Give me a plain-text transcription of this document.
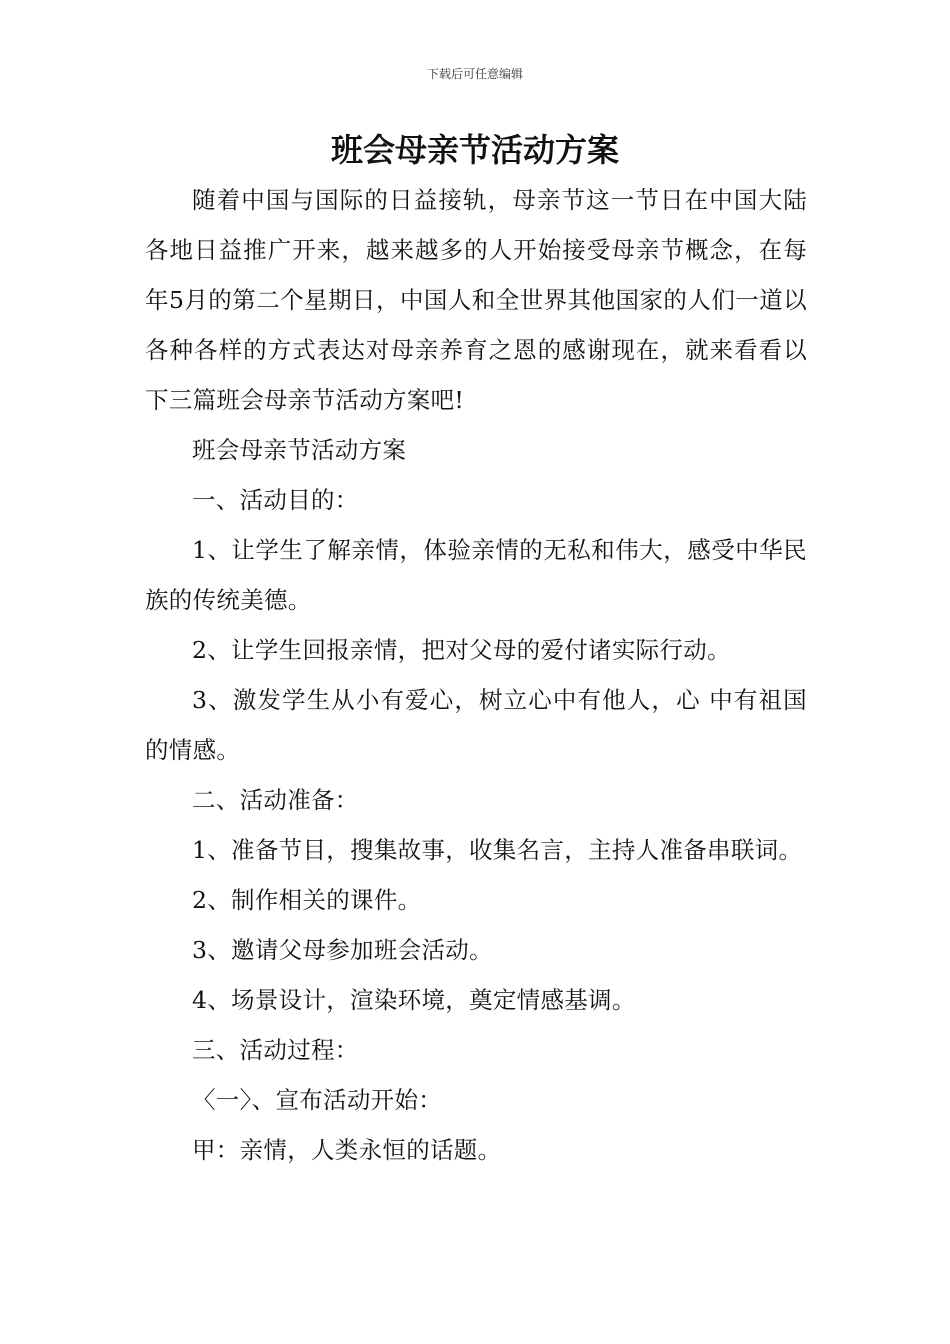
下载后可任意编辑
班会母亲节活动方案

随着中国与国际的日益接轨，母亲节这一节日在中国大陆各地日益推广开来，越来越多的人开始接受母亲节概念，在每年5月的第二个星期日，中国人和全世界其他国家的人们一道以各种各样的方式表达对母亲养育之恩的感谢现在，就来看看以下三篇班会母亲节活动方案吧!

班会母亲节活动方案

一、活动目的：

1、让学生了解亲情，体验亲情的无私和伟大，感受中华民族的传统美德。

2、让学生回报亲情，把对父母的爱付诸实际行动。

3、激发学生从小有爱心，树立心中有他人，心 中有祖国的情感。

二、活动准备：

1、准备节目，搜集故事，收集名言，主持人准备串联词。

2、制作相关的课件。

3、邀请父母参加班会活动。

4、场景设计，渲染环境，奠定情感基调。

三、活动过程：

〈一〉、宣布活动开始：

甲：亲情，人类永恒的话题。
